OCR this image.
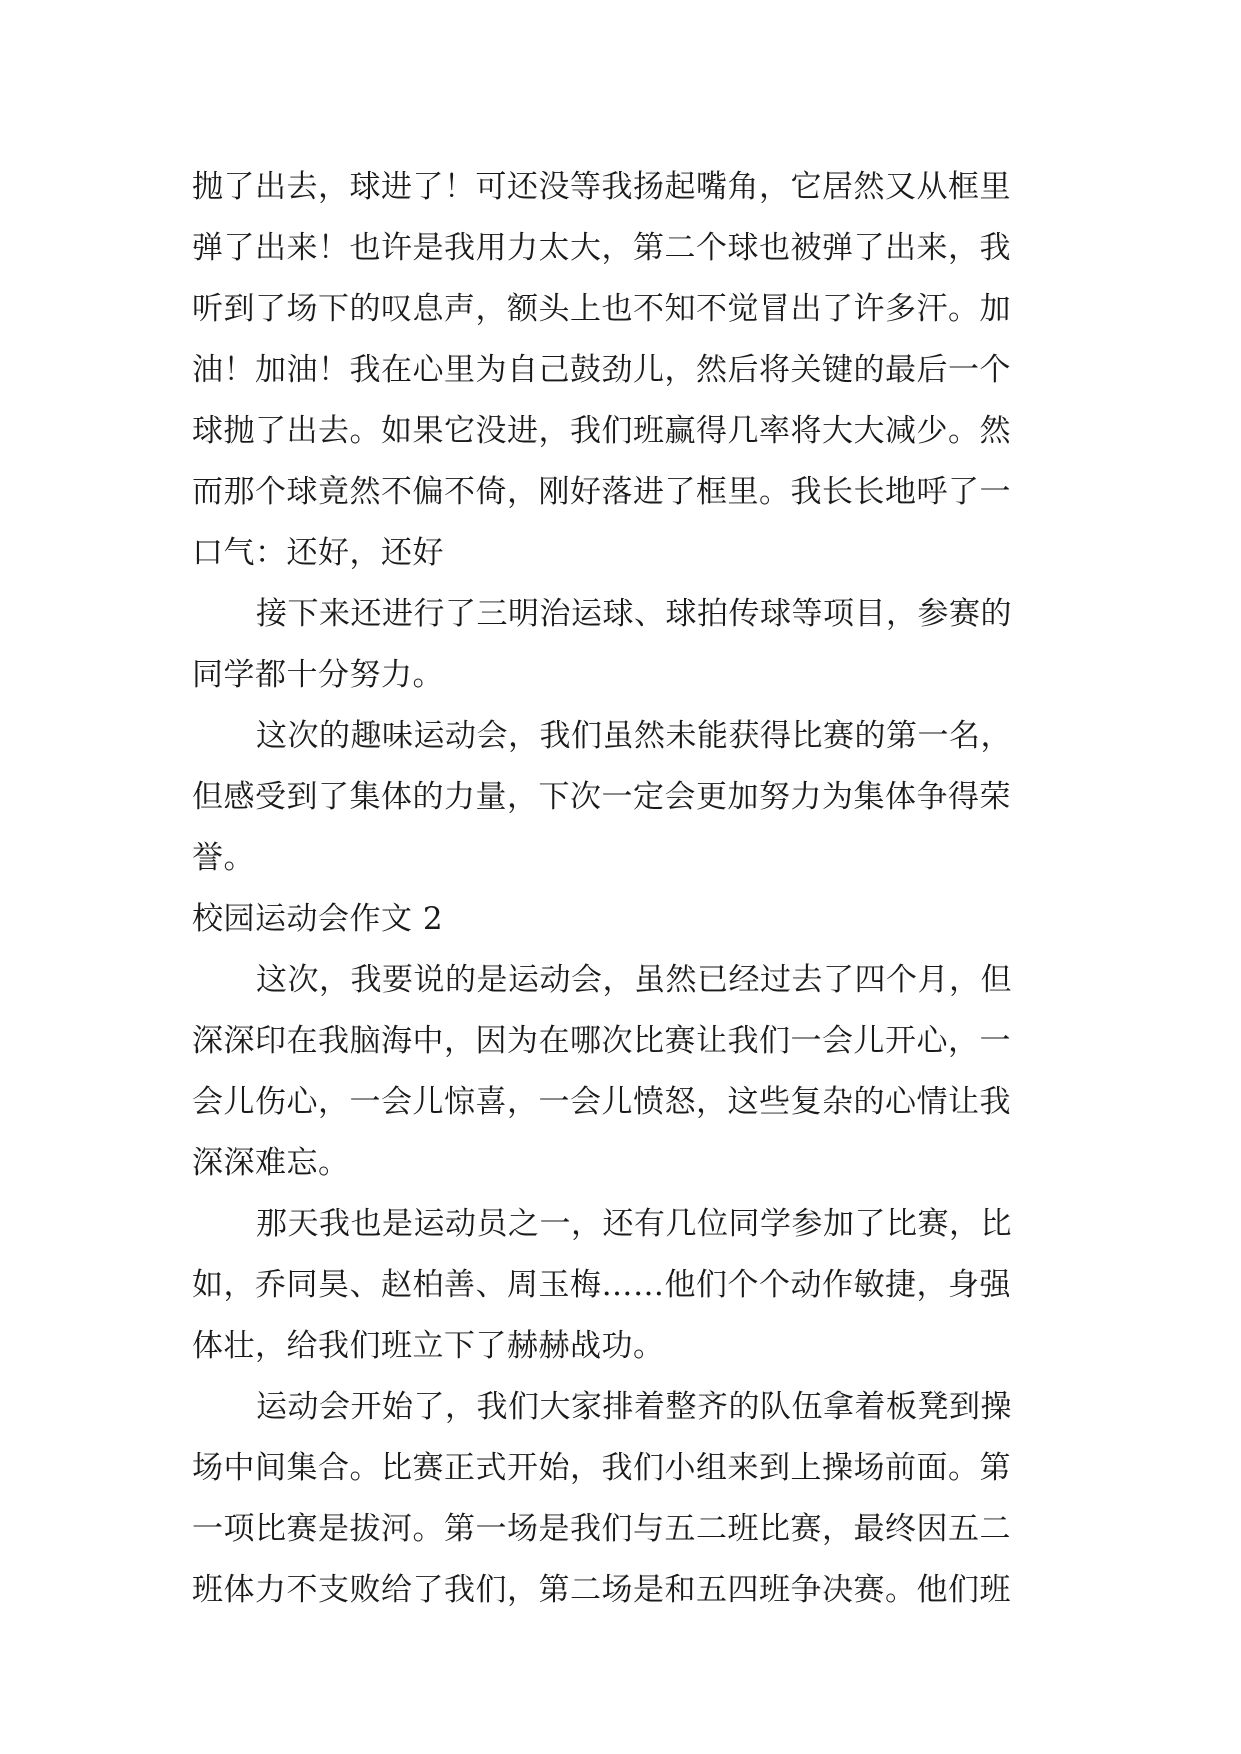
抛了出去，球进了！可还没等我扬起嘴角，它居然又从框里
弹了出来！也许是我用力太大，第二个球也被弹了出来，我
听到了场下的叹息声，额头上也不知不觉冒出了许多汗。加
油！加油！我在心里为自己鼓劲儿，然后将关键的最后一个
球抛了出去。如果它没进，我们班赢得几率将大大减少。然
而那个球竟然不偏不倚，刚好落进了框里。我长长地呼了一
口气：还好，还好
接下来还进行了三明治运球、球拍传球等项目，参赛的
同学都十分努力。
这次的趣味运动会，我们虽然未能获得比赛的第一名，
但感受到了集体的力量，下次一定会更加努力为集体争得荣
誉。
校园运动会作文 2
这次，我要说的是运动会，虽然已经过去了四个月，但
深深印在我脑海中，因为在哪次比赛让我们一会儿开心，一
会儿伤心，一会儿惊喜，一会儿愤怒，这些复杂的心情让我
深深难忘。
那天我也是运动员之一，还有几位同学参加了比赛，比
如，乔同昊、赵柏善、周玉梅……他们个个动作敏捷，身强
体壮，给我们班立下了赫赫战功。
运动会开始了，我们大家排着整齐的队伍拿着板凳到操
场中间集合。比赛正式开始，我们小组来到上操场前面。第
一项比赛是拔河。第一场是我们与五二班比赛，最终因五二
班体力不支败给了我们，第二场是和五四班争决赛。他们班
